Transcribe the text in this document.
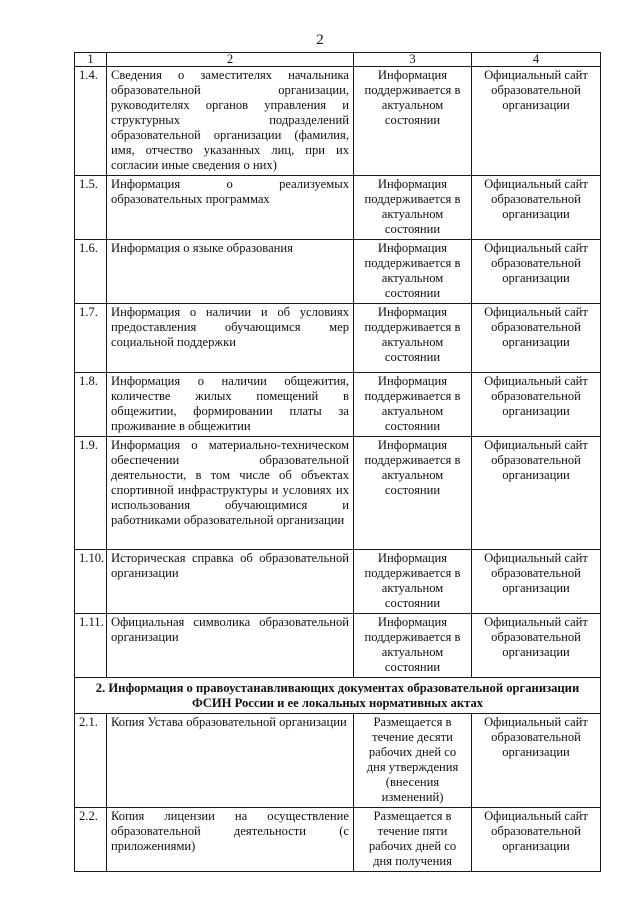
2
1	2	3	4
1.4.	Сведения о заместителях начальника образовательной организации, руководителях органов управления и структурных подразделений образовательной организации (фамилия, имя, отчество указанных лиц, при их согласии иные сведения о них)	Информация поддерживается в актуальном состоянии	Официальный сайт образовательной организации
1.5.	Информация о реализуемых образовательных программах	Информация поддерживается в актуальном состоянии	Официальный сайт образовательной организации
1.6.	Информация о языке образования	Информация поддерживается в актуальном состоянии	Официальный сайт образовательной организации
1.7.	Информация о наличии и об условиях предоставления обучающимся мер социальной поддержки	Информация поддерживается в актуальном состоянии	Официальный сайт образовательной организации
1.8.	Информация о наличии общежития, количестве жилых помещений в общежитии, формировании платы за проживание в общежитии	Информация поддерживается в актуальном состоянии	Официальный сайт образовательной организации
1.9.	Информация о материально-техническом обеспечении образовательной деятельности, в том числе об объектах спортивной инфраструктуры и условиях их использования обучающимися и работниками образовательной организации	Информация поддерживается в актуальном состоянии	Официальный сайт образовательной организации
1.10.	Историческая справка об образовательной организации	Информация поддерживается в актуальном состоянии	Официальный сайт образовательной организации
1.11.	Официальная символика образовательной организации	Информация поддерживается в актуальном состоянии	Официальный сайт образовательной организации
2. Информация о правоустанавливающих документах образовательной организации ФСИН России и ее локальных нормативных актах			
2.1.	Копия Устава образовательной организации	Размещается в течение десяти рабочих дней со дня утверждения (внесения изменений)	Официальный сайт образовательной организации
2.2.	Копия лицензии на осуществление образовательной деятельности (с приложениями)	Размещается в течение пяти рабочих дней со дня получения	Официальный сайт образовательной организации
